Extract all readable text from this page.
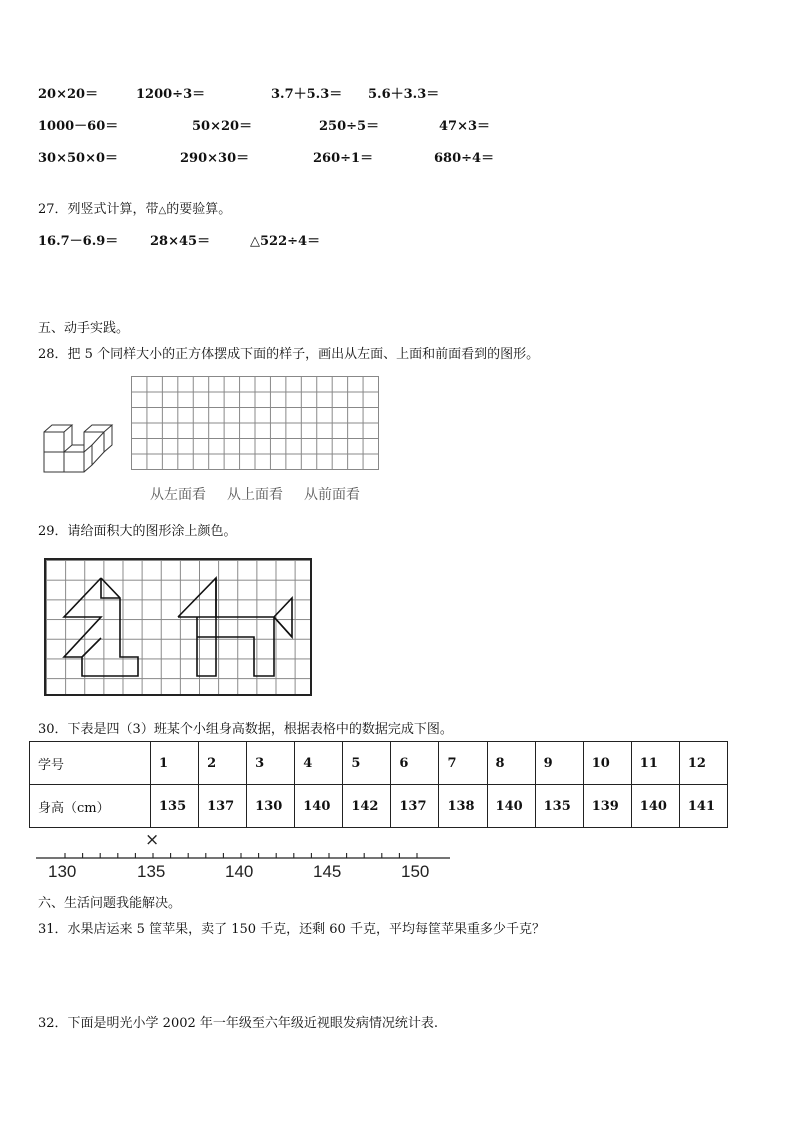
20×20＝	1200÷3＝	3.7＋5.3＝ 5.6＋3.3＝
1000－60＝	50×20＝	250÷5＝	47×3＝
30×50×0＝	290×30＝	260÷1＝	680÷4＝
27．列竖式计算，带△的要验算。
16.7－6.9＝ 28×45＝	△522÷4＝
五、动手实践。
28．把 5 个同样大小的正方体摆成下面的样子，画出从左面、上面和前面看到的图形。
从左面看 从上面看 从前面看
29．请给面积大的图形涂上颜色。
30．下表是四（3）班某个小组身高数据，根据表格中的数据完成下图。
学号	1	2	3	4	5	6	7	8	9	10	11	12
身高（cm）	135	137	130	140	142	137	138	140	135	139	140	141
×
130	135	140	145	150
六、生活问题我能解决。
31．水果店运来 5 筐苹果，卖了 150 千克，还剩 60 千克，平均每筐苹果重多少千克？
32．下面是明光小学 2002 年一年级至六年级近视眼发病情况统计表.
